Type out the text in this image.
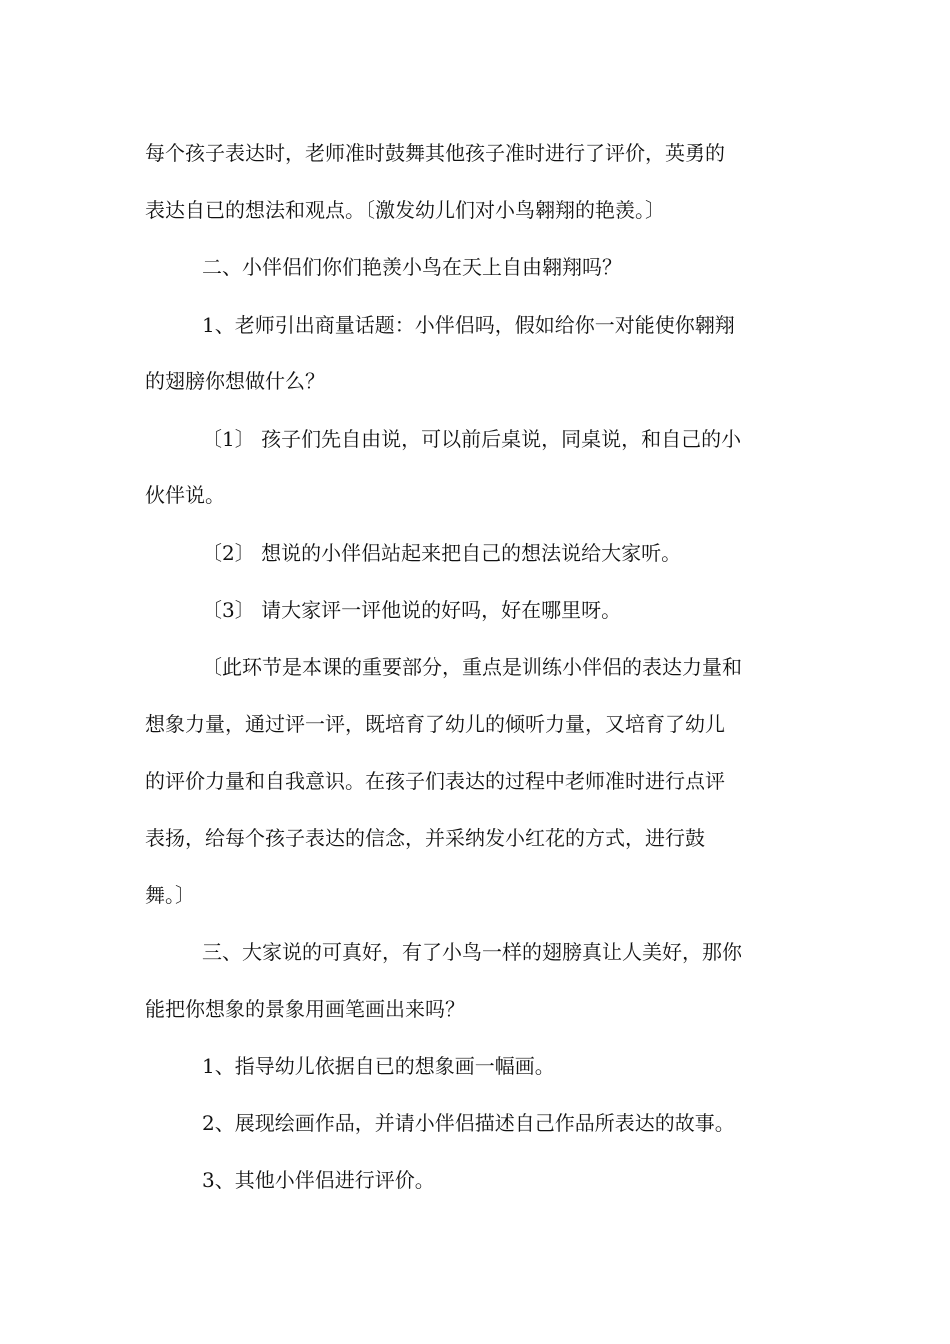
每个孩子表达时，老师准时鼓舞其他孩子准时进行了评价，英勇的
表达自已的想法和观点。〔激发幼儿们对小鸟翱翔的艳羡。〕
二、小伴侣们你们艳羡小鸟在天上自由翱翔吗？
1、老师引出商量话题：小伴侣吗，假如给你一对能使你翱翔
的翅膀你想做什么？
〔1〕 孩子们先自由说，可以前后桌说，同桌说，和自己的小
伙伴说。
〔2〕 想说的小伴侣站起来把自己的想法说给大家听。
〔3〕 请大家评一评他说的好吗，好在哪里呀。
〔此环节是本课的重要部分，重点是训练小伴侣的表达力量和
想象力量，通过评一评，既培育了幼儿的倾听力量，又培育了幼儿
的评价力量和自我意识。在孩子们表达的过程中老师准时进行点评
表扬，给每个孩子表达的信念，并采纳发小红花的方式，进行鼓
舞。〕
三、大家说的可真好，有了小鸟一样的翅膀真让人美好，那你
能把你想象的景象用画笔画出来吗？
1、指导幼儿依据自已的想象画一幅画。
2、展现绘画作品，并请小伴侣描述自己作品所表达的故事。
3、其他小伴侣进行评价。
